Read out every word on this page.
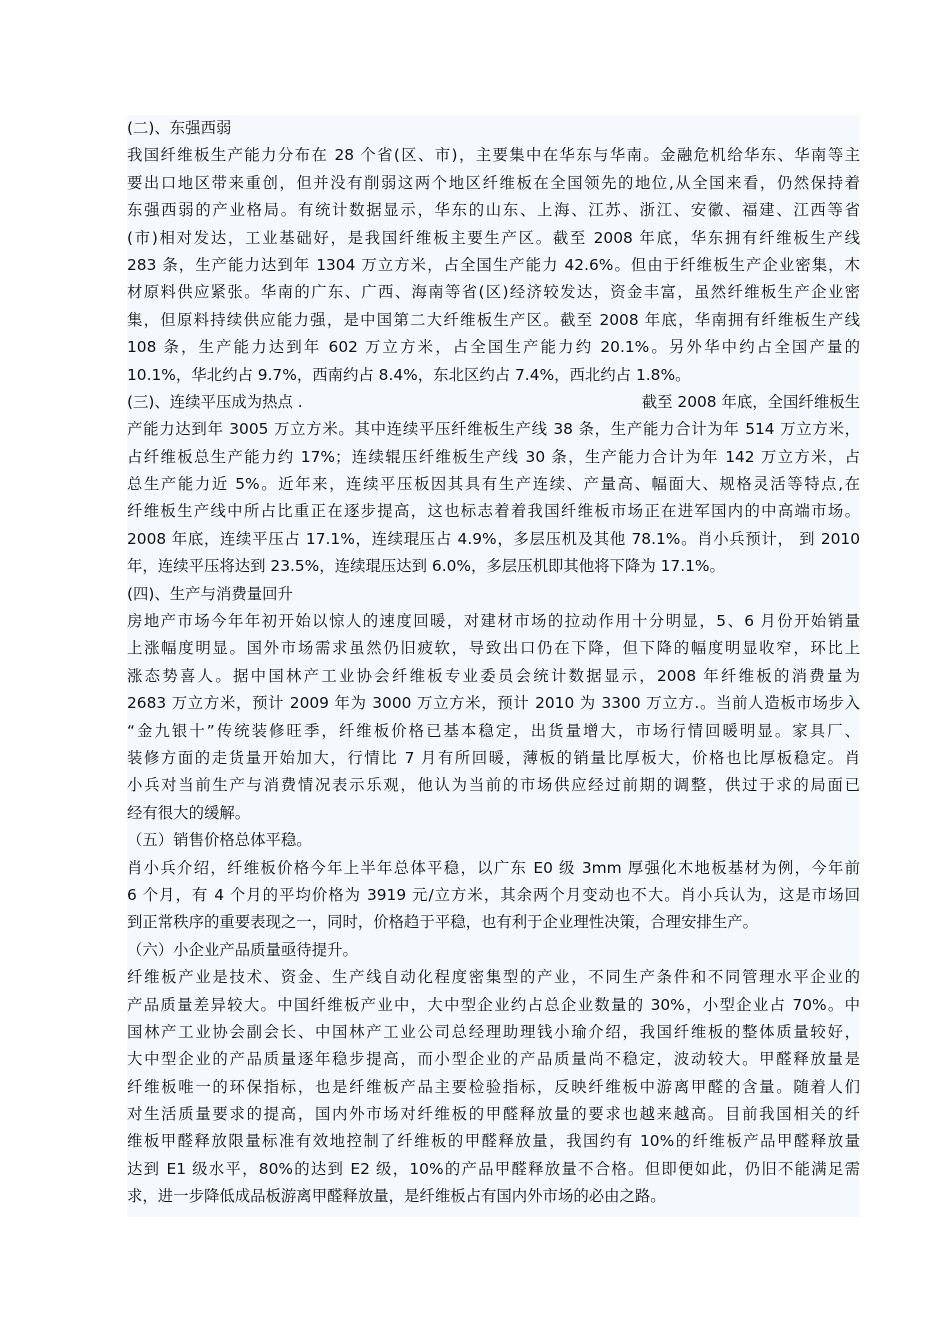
(二)、东强西弱
我国纤维板生产能力分布在 28 个省(区、市)，主要集中在华东与华南。金融危机给华东、华南等主
要出口地区带来重创，但并没有削弱这两个地区纤维板在全国领先的地位,从全国来看，仍然保持着
东强西弱的产业格局。有统计数据显示，华东的山东、上海、江苏、浙江、安徽、福建、江西等省
(市)相对发达，工业基础好，是我国纤维板主要生产区。截至 2008 年底，华东拥有纤维板生产线
283 条，生产能力达到年 1304 万立方米，占全国生产能力 42.6%。但由于纤维板生产企业密集，木
材原料供应紧张。华南的广东、广西、海南等省(区)经济较发达，资金丰富，虽然纤维板生产企业密
集，但原料持续供应能力强，是中国第二大纤维板生产区。截至 2008 年底，华南拥有纤维板生产线
108 条，生产能力达到年 602 万立方米，占全国生产能力约 20.1%。另外华中约占全国产量的
10.1%，华北约占 9.7%，西南约占 8.4%，东北区约占 7.4%，西北约占 1.8%。
(三)、连续平压成为热点 .	截至 2008 年底，全国纤维板生
产能力达到年 3005 万立方米。其中连续平压纤维板生产线 38 条，生产能力合计为年 514 万立方米，
占纤维板总生产能力约 17%；连续辊压纤维板生产线 30 条，生产能力合计为年 142 万立方米，占
总生产能力近 5%。近年来，连续平压板因其具有生产连续、产量高、幅面大、规格灵活等特点,在
纤维板生产线中所占比重正在逐步提高，这也标志着着我国纤维板市场正在进军国内的中高端市场。
2008 年底，连续平压占 17.1%，连续琨压占 4.9%，多层压机及其他 78.1%。肖小兵预计， 到 2010
年，连续平压将达到 23.5%，连续琨压达到 6.0%，多层压机即其他将下降为 17.1%。
(四)、生产与消费量回升
房地产市场今年年初开始以惊人的速度回暖，对建材市场的拉动作用十分明显，5、6 月份开始销量
上涨幅度明显。国外市场需求虽然仍旧疲软，导致出口仍在下降，但下降的幅度明显收窄，环比上
涨态势喜人。据中国林产工业协会纤维板专业委员会统计数据显示，2008 年纤维板的消费量为
2683 万立方米，预计 2009 年为 3000 万立方米，预计 2010 为 3300 万立方.。当前人造板市场步入
“金九银十”传统装修旺季，纤维板价格已基本稳定，出货量增大，市场行情回暖明显。家具厂、
装修方面的走货量开始加大，行情比 7 月有所回暖，薄板的销量比厚板大，价格也比厚板稳定。肖
小兵对当前生产与消费情况表示乐观，他认为当前的市场供应经过前期的调整，供过于求的局面已
经有很大的缓解。
（五）销售价格总体平稳。
肖小兵介绍，纤维板价格今年上半年总体平稳，以广东 E0 级 3mm 厚强化木地板基材为例，今年前
6 个月，有 4 个月的平均价格为 3919 元/立方米，其余两个月变动也不大。肖小兵认为，这是市场回
到正常秩序的重要表现之一，同时，价格趋于平稳，也有利于企业理性决策，合理安排生产。
（六）小企业产品质量亟待提升。
纤维板产业是技术、资金、生产线自动化程度密集型的产业，不同生产条件和不同管理水平企业的
产品质量差异较大。中国纤维板产业中，大中型企业约占总企业数量的 30%，小型企业占 70%。中
国林产工业协会副会长、中国林产工业公司总经理助理钱小瑜介绍，我国纤维板的整体质量较好，
大中型企业的产品质量逐年稳步提高，而小型企业的产品质量尚不稳定，波动较大。甲醛释放量是
纤维板唯一的环保指标，也是纤维板产品主要检验指标，反映纤维板中游离甲醛的含量。随着人们
对生活质量要求的提高，国内外市场对纤维板的甲醛释放量的要求也越来越高。目前我国相关的纤
维板甲醛释放限量标准有效地控制了纤维板的甲醛释放量，我国约有 10%的纤维板产品甲醛释放量
达到 E1 级水平，80%的达到 E2 级，10%的产品甲醛释放量不合格。但即便如此，仍旧不能满足需
求，进一步降低成品板游离甲醛释放量，是纤维板占有国内外市场的必由之路。
